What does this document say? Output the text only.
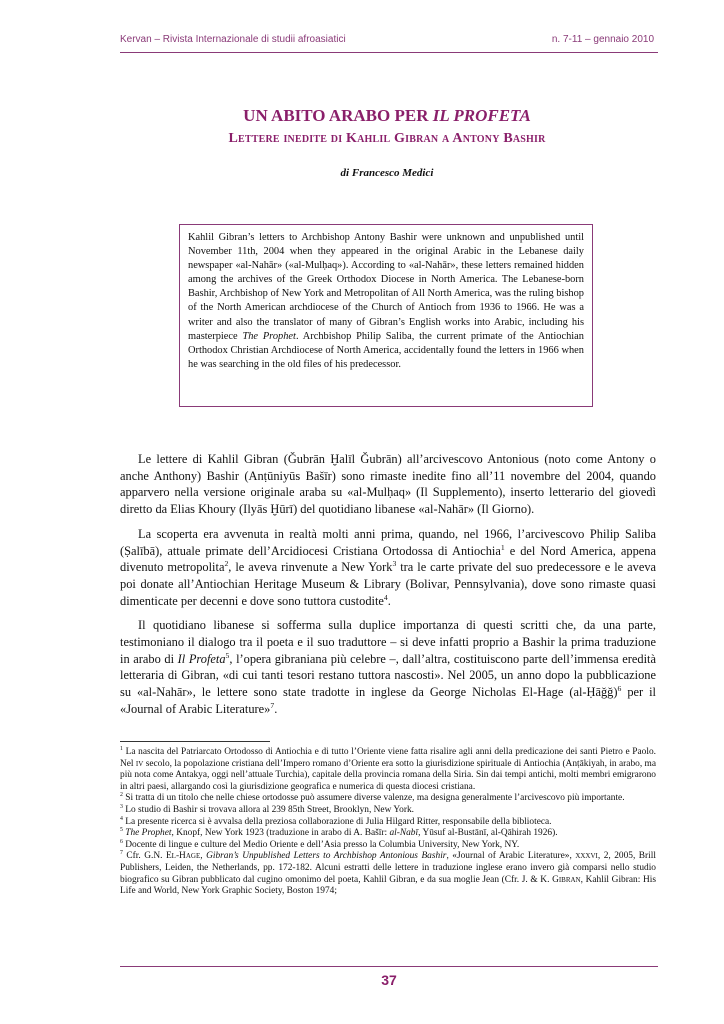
Kervan – Rivista Internazionale di studii afroasiatici	n. 7-11 – gennaio 2010
UN ABITO ARABO PER IL PROFETA
Lettere inedite di Kahlil Gibran a Antony Bashir
di Francesco Medici
Kahlil Gibran’s letters to Archbishop Antony Bashir were unknown and unpublished until November 11th, 2004 when they appeared in the original Arabic in the Lebanese daily newspaper «al-Nahār» («al-Mulḥaq»). According to «al-Nahār», these letters remained hidden among the archives of the Greek Orthodox Diocese in North America. The Lebanese-born Bashir, Archbishop of New York and Metropolitan of All North America, was the ruling bishop of the North American archdiocese of the Church of Antioch from 1936 to 1966. He was a writer and also the translator of many of Gibran’s English works into Arabic, including his masterpiece The Prophet. Archbishop Philip Saliba, the current primate of the Antiochian Orthodox Christian Archdiocese of North America, accidentally found the letters in 1966 when he was searching in the old files of his predecessor.

Le lettere di Kahlil Gibran (Ǧubrān Ḫalīl Ǧubrān) all’arcivescovo Antonious (noto come Antony o anche Anthony) Bashir (Anṭūniyūs Bašīr) sono rimaste inedite fino all’11 novembre del 2004, quando apparvero nella versione originale araba su «al-Mulḥaq» (Il Supplemento), inserto letterario del giovedì diretto da Elias Khoury (Ilyās Ḫūrī) del quotidiano libanese «al-Nahār» (Il Giorno).

La scoperta era avvenuta in realtà molti anni prima, quando, nel 1966, l’arcivescovo Philip Saliba (Ṣalībā), attuale primate dell’Arcidiocesi Cristiana Ortodossa di Antiochia$^1$ e del Nord America, appena divenuto metropolita$^2$, le aveva rinvenute a New York$^3$ tra le carte private del suo predecessore e le aveva poi donate all’Antiochian Heritage Museum & Library (Bolivar, Pennsylvania), dove sono rimaste quasi dimenticate per decenni e dove sono tuttora custodite$^4$.

Il quotidiano libanese si sofferma sulla duplice importanza di questi scritti che, da una parte, testimoniano il dialogo tra il poeta e il suo traduttore – si deve infatti proprio a Bashir la prima traduzione in arabo di Il Profeta$^5$, l’opera gibraniana più celebre –, dall’altra, costituiscono parte dell’immensa eredità letteraria di Gibran, «di cui tanti tesori restano tuttora nascosti». Nel 2005, un anno dopo la pubblicazione su «al-Nahār», le lettere sono state tradotte in inglese da George Nicholas El-Hage (al-Ḥāǧǧ)$^6$ per il «Journal of Arabic Literature»$^7$.

$^1$ La nascita del Patriarcato Ortodosso di Antiochia e di tutto l’Oriente viene fatta risalire agli anni della predicazione dei santi Pietro e Paolo. Nel iv secolo, la popolazione cristiana dell’Impero romano d’Oriente era sotto la giurisdizione spirituale di Antiochia (Anṭākiyah, in arabo, ma più nota come Antakya, oggi nell’attuale Turchia), capitale della provincia romana della Siria. Sin dai tempi antichi, molti membri emigrarono in altri paesi, allargando così la giurisdizione geografica e numerica di questa diocesi cristiana.

$^2$ Si tratta di un titolo che nelle chiese ortodosse può assumere diverse valenze, ma designa generalmente l’arcivescovo più importante.

$^3$ Lo studio di Bashir si trovava allora al 239 85th Street, Brooklyn, New York.

$^4$ La presente ricerca si è avvalsa della preziosa collaborazione di Julia Hilgard Ritter, responsabile della biblioteca.

$^5$ The Prophet, Knopf, New York 1923 (traduzione in arabo di A. Bašīr: al-Nabī, Yūsuf al-Bustānī, al-Qāhirah 1926).

$^6$ Docente di lingue e culture del Medio Oriente e dell’Asia presso la Columbia University, New York, NY.

$^7$ Cfr. G.N. El-Hage, Gibran’s Unpublished Letters to Archbishop Antonious Bashir, «Journal of Arabic Literature», xxxvi, 2, 2005, Brill Publishers, Leiden, the Netherlands, pp. 172-182. Alcuni estratti delle lettere in traduzione inglese erano invero già comparsi nello studio biografico su Gibran pubblicato dal cugino omonimo del poeta, Kahlil Gibran, e da sua moglie Jean (Cfr. J. & K. Gibran, Kahlil Gibran: His Life and World, New York Graphic Society, Boston 1974;

37
